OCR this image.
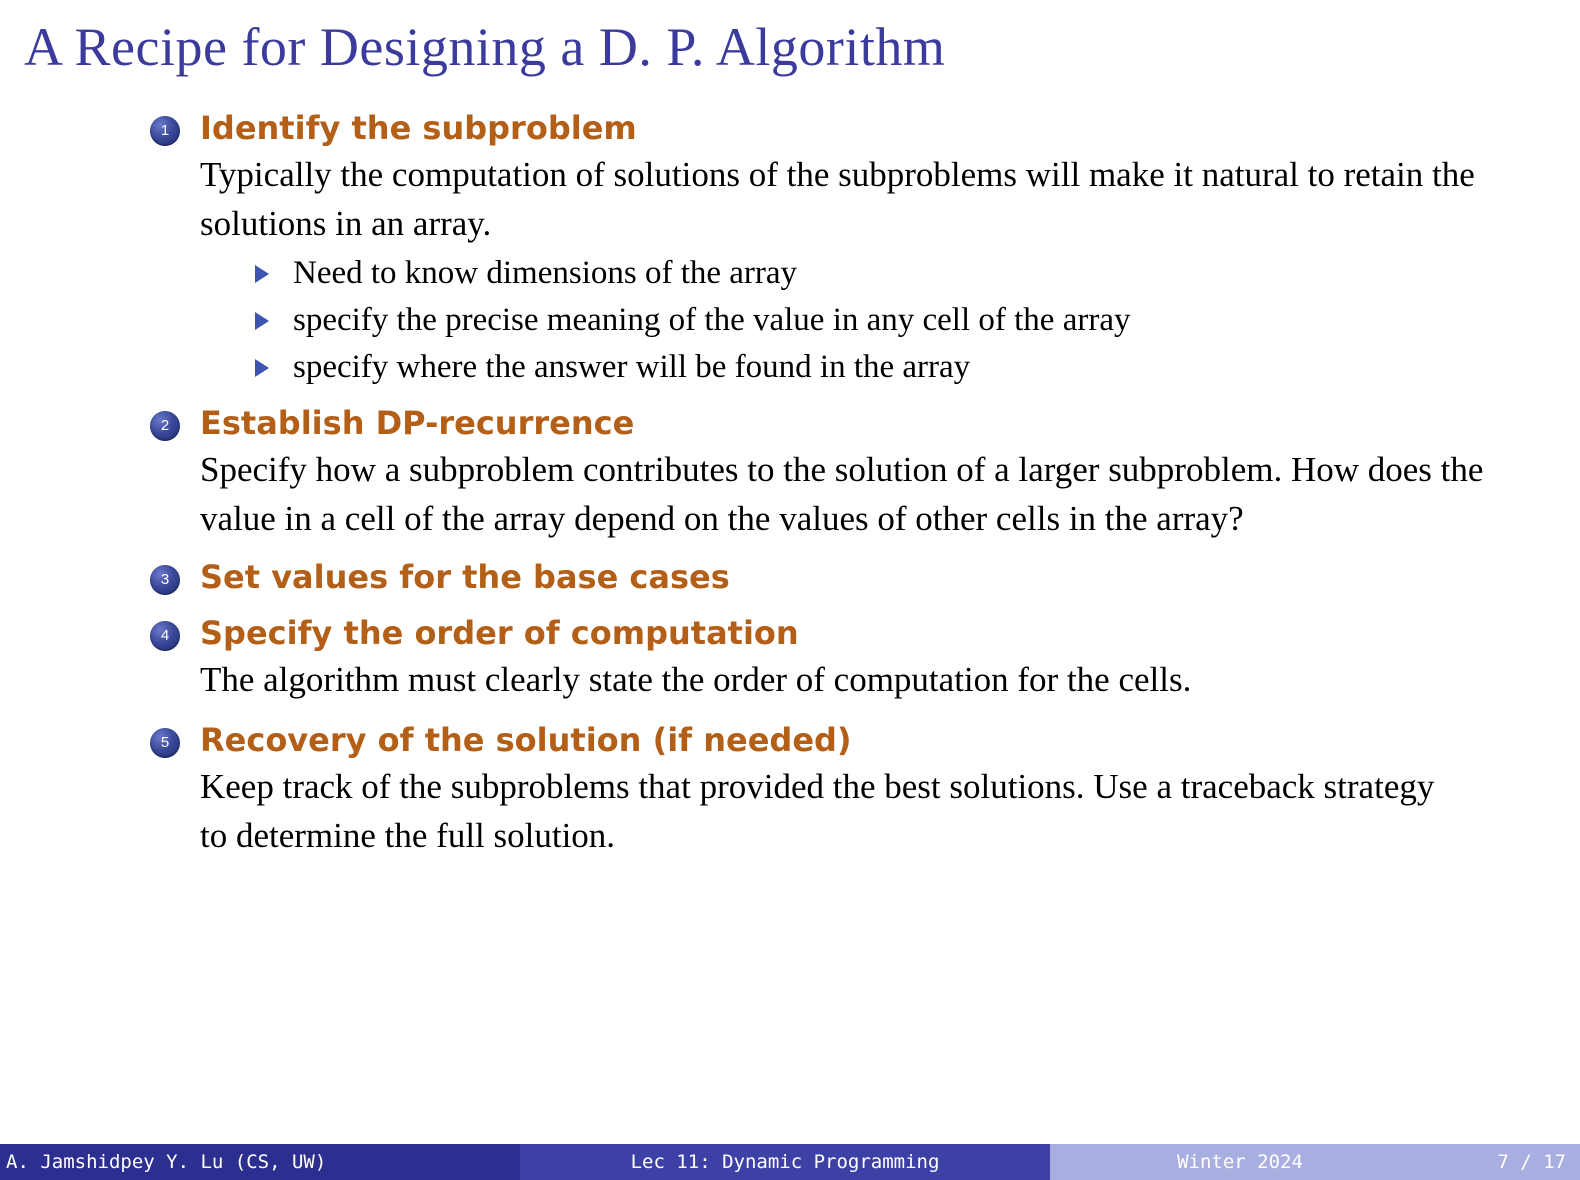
A Recipe for Designing a D. P. Algorithm
1 Identify the subproblem
Typically the computation of solutions of the subproblems will make it natural to retain the solutions in an array.
Need to know dimensions of the array
specify the precise meaning of the value in any cell of the array
specify where the answer will be found in the array
2 Establish DP-recurrence
Specify how a subproblem contributes to the solution of a larger subproblem. How does the value in a cell of the array depend on the values of other cells in the array?
3 Set values for the base cases
4 Specify the order of computation
The algorithm must clearly state the order of computation for the cells.
5 Recovery of the solution (if needed)
Keep track of the subproblems that provided the best solutions. Use a traceback strategy to determine the full solution.
A. Jamshidpey Y. Lu (CS, UW)	Lec 11: Dynamic Programming	Winter 2024	7 / 17
